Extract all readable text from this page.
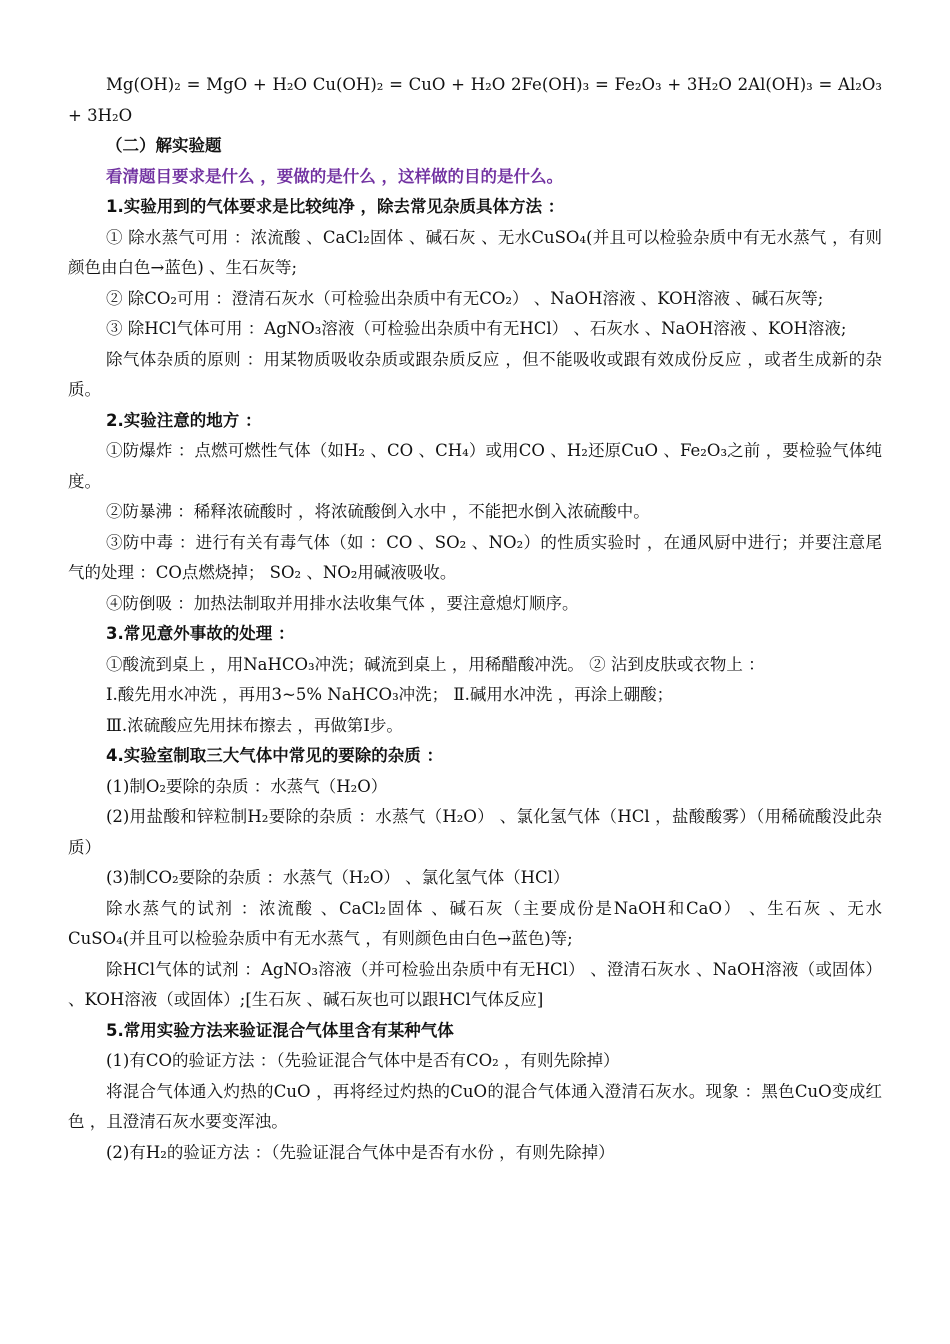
Mg(OH)₂ = MgO + H₂O Cu(OH)₂ = CuO + H₂O 2Fe(OH)₃ = Fe₂O₃ + 3H₂O 2Al(OH)₃ = Al₂O₃ + 3H₂O

（二）解实验题

看清题目要求是什么 ，要做的是什么 ，这样做的目的是什么。

1.实验用到的气体要求是比较纯净 ，除去常见杂质具体方法 ：

① 除水蒸气可用 ：浓流酸 、CaCl₂固体 、碱石灰 、无水CuSO₄(并且可以检验杂质中有无水蒸气 ，有则颜色由白色→蓝色) 、生石灰等;

② 除CO₂可用 ：澄清石灰水（可检验出杂质中有无CO₂） 、NaOH溶液 、KOH溶液 、碱石灰等;

③ 除HCl气体可用 ：AgNO₃溶液（可检验出杂质中有无HCl） 、石灰水 、NaOH溶液 、KOH溶液;

除气体杂质的原则 ：用某物质吸收杂质或跟杂质反应 ，但不能吸收或跟有效成份反应 ，或者生成新的杂质。

2.实验注意的地方 ：

①防爆炸 ：点燃可燃性气体（如H₂ 、CO 、CH₄）或用CO 、H₂还原CuO 、Fe₂O₃之前 ，要检验气体纯度。

②防暴沸 ：稀释浓硫酸时 ，将浓硫酸倒入水中 ，不能把水倒入浓硫酸中。

③防中毒 ：进行有关有毒气体（如 ：CO 、SO₂ 、NO₂）的性质实验时 ，在通风厨中进行；并要注意尾气的处理 ：CO点燃烧掉； SO₂ 、NO₂用碱液吸收。

④防倒吸 ：加热法制取并用排水法收集气体 ，要注意熄灯顺序。

3.常见意外事故的处理 ：

①酸流到桌上 ，用NaHCO₃冲洗；碱流到桌上 ，用稀醋酸冲洗。 ② 沾到皮肤或衣物上 ：

Ⅰ.酸先用水冲洗 ，再用3~5% NaHCO₃冲洗； Ⅱ.碱用水冲洗 ，再涂上硼酸；

Ⅲ.浓硫酸应先用抹布擦去 ，再做第Ⅰ步。

4.实验室制取三大气体中常见的要除的杂质 ：

(1)制O₂要除的杂质 ：水蒸气（H₂O）

(2)用盐酸和锌粒制H₂要除的杂质 ：水蒸气（H₂O） 、氯化氢气体（HCl ，盐酸酸雾）（用稀硫酸没此杂质）

(3)制CO₂要除的杂质 ：水蒸气（H₂O） 、氯化氢气体（HCl）

除水蒸气的试剂 ：浓流酸 、CaCl₂固体 、碱石灰（主要成份是NaOH和CaO） 、生石灰 、无水CuSO₄(并且可以检验杂质中有无水蒸气 ，有则颜色由白色→蓝色)等;

除HCl气体的试剂 ：AgNO₃溶液（并可检验出杂质中有无HCl） 、澄清石灰水 、NaOH溶液（或固体） 、KOH溶液（或固体）;[生石灰 、碱石灰也可以跟HCl气体反应]

5.常用实验方法来验证混合气体里含有某种气体

(1)有CO的验证方法 ：（先验证混合气体中是否有CO₂ ，有则先除掉）

将混合气体通入灼热的CuO ，再将经过灼热的CuO的混合气体通入澄清石灰水。现象 ：黑色CuO变成红色 ，且澄清石灰水要变浑浊。

(2)有H₂的验证方法 ：（先验证混合气体中是否有水份 ，有则先除掉）
